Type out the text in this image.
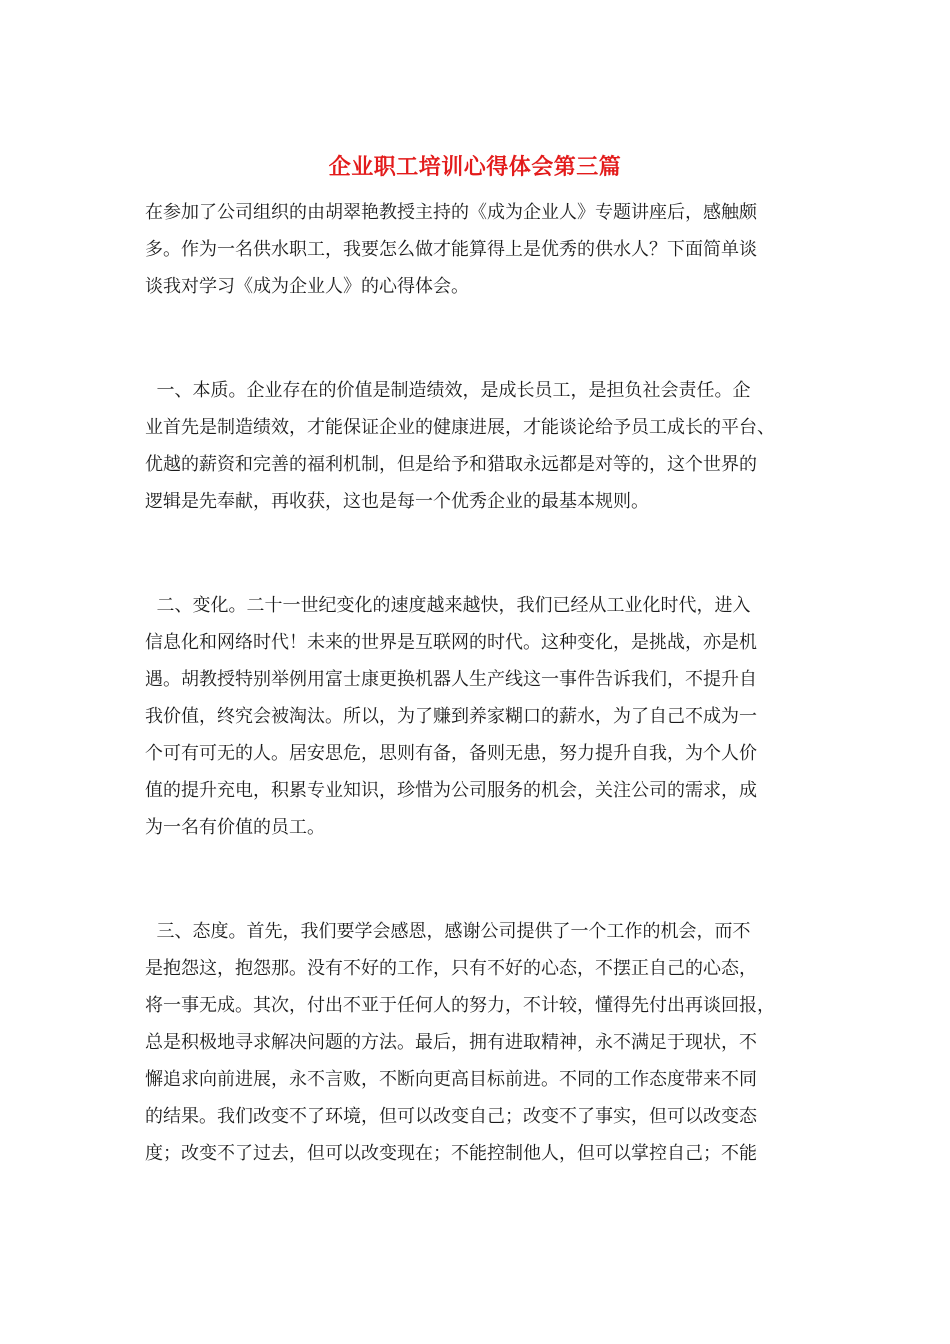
企业职工培训心得体会第三篇
在参加了公司组织的由胡翠艳教授主持的《成为企业人》专题讲座后，感触颇
多。作为一名供水职工，我要怎么做才能算得上是优秀的供水人？下面简单谈
谈我对学习《成为企业人》的心得体会。
一、本质。企业存在的价值是制造绩效，是成长员工，是担负社会责任。企
业首先是制造绩效，才能保证企业的健康进展，才能谈论给予员工成长的平台、
优越的薪资和完善的福利机制，但是给予和猎取永远都是对等的，这个世界的
逻辑是先奉献，再收获，这也是每一个优秀企业的最基本规则。
二、变化。二十一世纪变化的速度越来越快，我们已经从工业化时代，进入
信息化和网络时代！未来的世界是互联网的时代。这种变化，是挑战，亦是机
遇。胡教授特别举例用富士康更换机器人生产线这一事件告诉我们，不提升自
我价值，终究会被淘汰。所以，为了赚到养家糊口的薪水，为了自己不成为一
个可有可无的人。居安思危，思则有备，备则无患，努力提升自我，为个人价
值的提升充电，积累专业知识，珍惜为公司服务的机会，关注公司的需求，成
为一名有价值的员工。
三、态度。首先，我们要学会感恩，感谢公司提供了一个工作的机会，而不
是抱怨这，抱怨那。没有不好的工作，只有不好的心态，不摆正自己的心态，
将一事无成。其次，付出不亚于任何人的努力，不计较，懂得先付出再谈回报，
总是积极地寻求解决问题的方法。最后，拥有进取精神，永不满足于现状，不
懈追求向前进展，永不言败，不断向更高目标前进。不同的工作态度带来不同
的结果。我们改变不了环境，但可以改变自己；改变不了事实，但可以改变态
度；改变不了过去，但可以改变现在；不能控制他人，但可以掌控自己；不能
